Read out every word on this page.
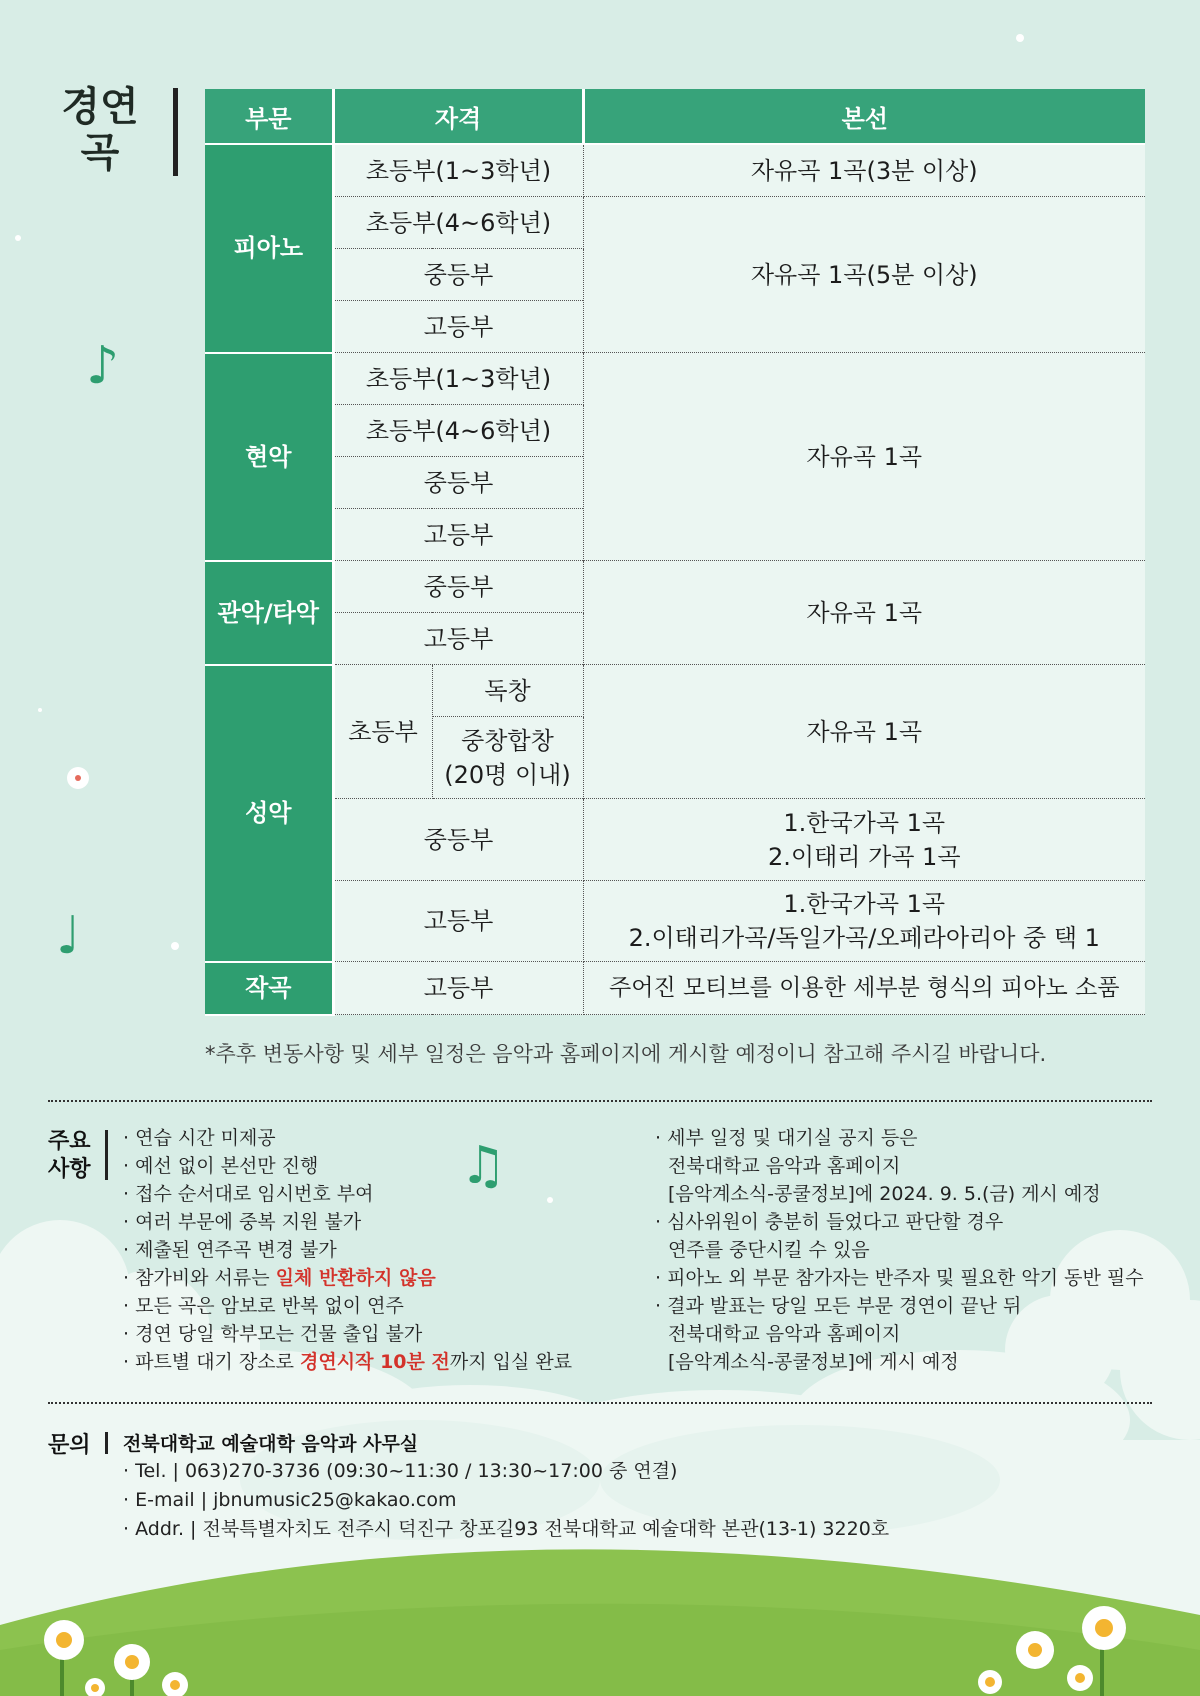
♪
♩
♫
경연
곡
부문	자격		본선
피아노	초등부(1~3학년)		자유곡 1곡(3분 이상)
	초등부(4~6학년)		자유곡 1곡(5분 이상)
	중등부		
	고등부		
현악	초등부(1~3학년)		자유곡 1곡
	초등부(4~6학년)		
	중등부		
	고등부		
관악/타악	중등부		자유곡 1곡
	고등부		
성악	초등부	독창	자유곡 1곡
		중창합창
(20명 이내)	
	중등부		1.한국가곡 1곡
2.이태리 가곡 1곡
	고등부		1.한국가곡 1곡
2.이태리가곡/독일가곡/오페라아리아 중 택 1
작곡	고등부		주어진 모티브를 이용한 세부분 형식의 피아노 소품
*추후 변동사항 및 세부 일정은 음악과 홈페이지에 게시할 예정이니 참고해 주시길 바랍니다.
주요
사항
· 연습 시간 미제공
· 예선 없이 본선만 진행
· 접수 순서대로 임시번호 부여
· 여러 부문에 중복 지원 불가
· 제출된 연주곡 변경 불가
· 참가비와 서류는 일체 반환하지 않음
· 모든 곡은 암보로 반복 없이 연주
· 경연 당일 학부모는 건물 출입 불가
· 파트별 대기 장소로 경연시작 10분 전까지 입실 완료
· 세부 일정 및 대기실 공지 등은
전북대학교 음악과 홈페이지
[음악계소식-콩쿨정보]에 2024. 9. 5.(금) 게시 예정
· 심사위원이 충분히 들었다고 판단할 경우
연주를 중단시킬 수 있음
· 피아노 외 부문 참가자는 반주자 및 필요한 악기 동반 필수
· 결과 발표는 당일 모든 부문 경연이 끝난 뒤
전북대학교 음악과 홈페이지
[음악계소식-콩쿨정보]에 게시 예정
문의 전북대학교 예술대학 음악과 사무실
· Tel. | 063)270-3736 (09:30~11:30 / 13:30~17:00 중 연결)
· E-mail | jbnumusic25@kakao.com
· Addr. | 전북특별자치도 전주시 덕진구 창포길93 전북대학교 예술대학 본관(13-1) 3220호
